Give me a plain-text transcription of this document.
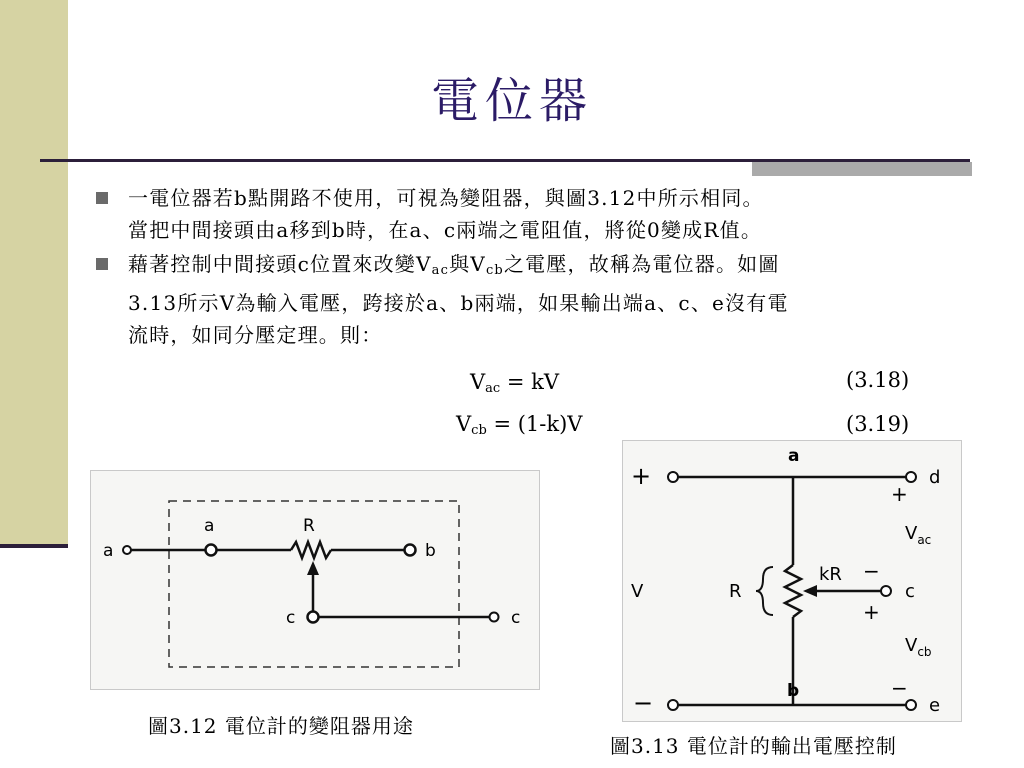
電位器
一電位器若b點開路不使用，可視為變阻器，與圖3.12中所示相同。
當把中間接頭由a移到b時，在a、c兩端之電阻值，將從0變成R值。
藉著控制中間接頭c位置來改變$V_{ac}$與$V_{cb}$之電壓，故稱為電位器。如圖
3.13所示V為輸入電壓，跨接於a、b兩端，如果輸出端a、c、e沒有電
流時，如同分壓定理。則：
$V_{ac}$ = kV	(3.18)
$V_{cb} = (1-k)V$	(3.19)
a
a	R
b
c	c
圖3.12 電位計的變阻器用途
a
b
+
−
d
e
c
+
−
+
−
V	R
kR
$V_{ac}$
$V_{cb}$
圖3.13 電位計的輸出電壓控制
